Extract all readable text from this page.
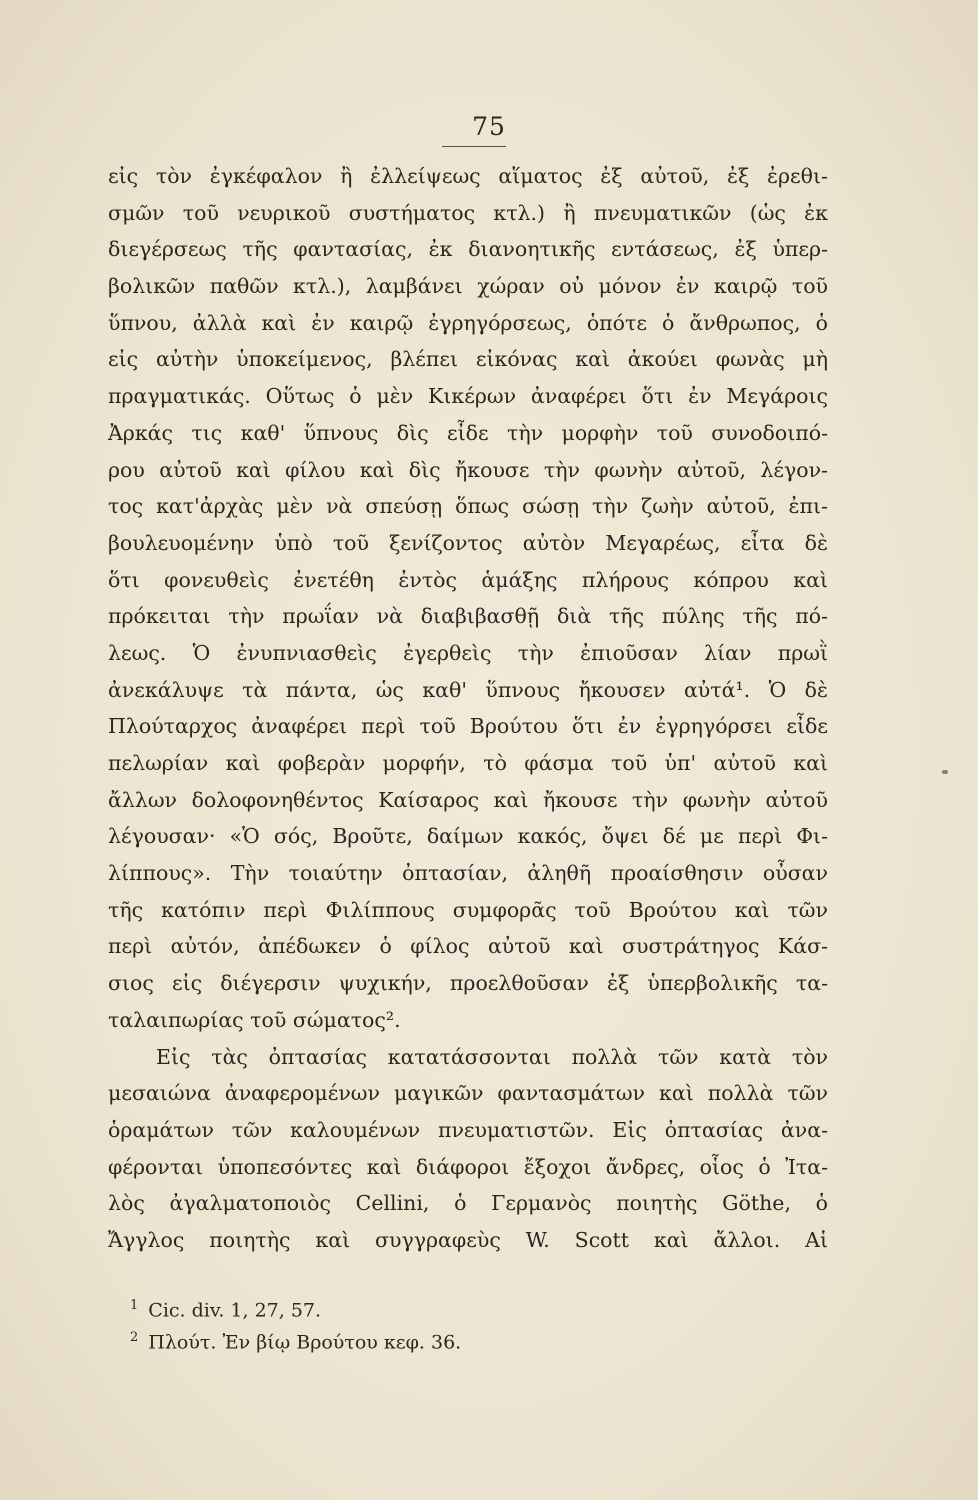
75
εἰς τὸν ἐγκέφαλον ἢ ἐλλείψεως αἵματος ἐξ αὐτοῦ, ἐξ ἐρεθι-
σμῶν τοῦ νευρικοῦ συστήματος κτλ.) ἢ πνευματικῶν (ὡς ἐκ
διεγέρσεως τῆς φαντασίας, ἐκ διανοητικῆς εντάσεως, ἐξ ὑπερ-
βολικῶν παθῶν κτλ.), λαμβάνει χώραν οὐ μόνον ἐν καιρῷ τοῦ
ὕπνου, ἀλλὰ καὶ ἐν καιρῷ ἐγρηγόρσεως, ὁπότε ὁ ἄνθρωπος, ὁ
εἰς αὐτὴν ὑποκείμενος, βλέπει εἰκόνας καὶ ἀκούει φωνὰς μὴ
πραγματικάς. Οὕτως ὁ μὲν Κικέρων ἀναφέρει ὅτι ἐν Μεγάροις
Ἀρκάς τις καθ' ὕπνους δὶς εἶδε τὴν μορφὴν τοῦ συνοδοιπό-
ρου αὐτοῦ καὶ φίλου καὶ δὶς ἤκουσε τὴν φωνὴν αὐτοῦ, λέγον-
τος κατ'ἀρχὰς μὲν νὰ σπεύσῃ ὅπως σώσῃ τὴν ζωὴν αὐτοῦ, ἐπι-
βουλευομένην ὑπὸ τοῦ ξενίζοντος αὐτὸν Μεγαρέως, εἶτα δὲ
ὅτι φονευθεὶς ἐνετέθη ἐντὸς ἁμάξης πλήρους κόπρου καὶ
πρόκειται τὴν πρωΐαν νὰ διαβιβασθῇ διὰ τῆς πύλης τῆς πό-
λεως. Ὁ ἐνυπνιασθεὶς ἐγερθεὶς τὴν ἐπιοῦσαν λίαν πρωῒ
ἀνεκάλυψε τὰ πάντα, ὡς καθ' ὕπνους ἤκουσεν αὐτά¹. Ὁ δὲ
Πλούταρχος ἀναφέρει περὶ τοῦ Βρούτου ὅτι ἐν ἐγρηγόρσει εἶδε
πελωρίαν καὶ φοβερὰν μορφήν, τὸ φάσμα τοῦ ὑπ' αὐτοῦ καὶ
ἄλλων δολοφονηθέντος Καίσαρος καὶ ἤκουσε τὴν φωνὴν αὐτοῦ
λέγουσαν· «Ὁ σός, Βροῦτε, δαίμων κακός, ὄψει δέ με περὶ Φι-
λίππους». Τὴν τοιαύτην ὀπτασίαν, ἀληθῆ προαίσθησιν οὖσαν
τῆς κατόπιν περὶ Φιλίππους συμφορᾶς τοῦ Βρούτου καὶ τῶν
περὶ αὐτόν, ἀπέδωκεν ὁ φίλος αὐτοῦ καὶ συστράτηγος Κάσ-
σιος εἰς διέγερσιν ψυχικήν, προελθοῦσαν ἐξ ὑπερβολικῆς τα-
ταλαιπωρίας τοῦ σώματος².
Εἰς τὰς ὀπτασίας κατατάσσονται πολλὰ τῶν κατὰ τὸν
μεσαιώνα ἀναφερομένων μαγικῶν φαντασμάτων καὶ πολλὰ τῶν
ὁραμάτων τῶν καλουμένων πνευματιστῶν. Εἰς ὀπτασίας ἀνα-
φέρονται ὑποπεσόντες καὶ διάφοροι ἔξοχοι ἄνδρες, οἷος ὁ Ἰτα-
λὸς ἀγαλματοποιὸς Cellini, ὁ Γερμανὸς ποιητὴς Göthe, ὁ
Ἄγγλος ποιητὴς καὶ συγγραφεὺς W. Scott καὶ ἄλλοι. Αἱ
$^1$ Cic. div. 1, 27, 57.
$^2$ Πλούτ. Ἐν βίῳ Βρούτου κεφ. 36.
